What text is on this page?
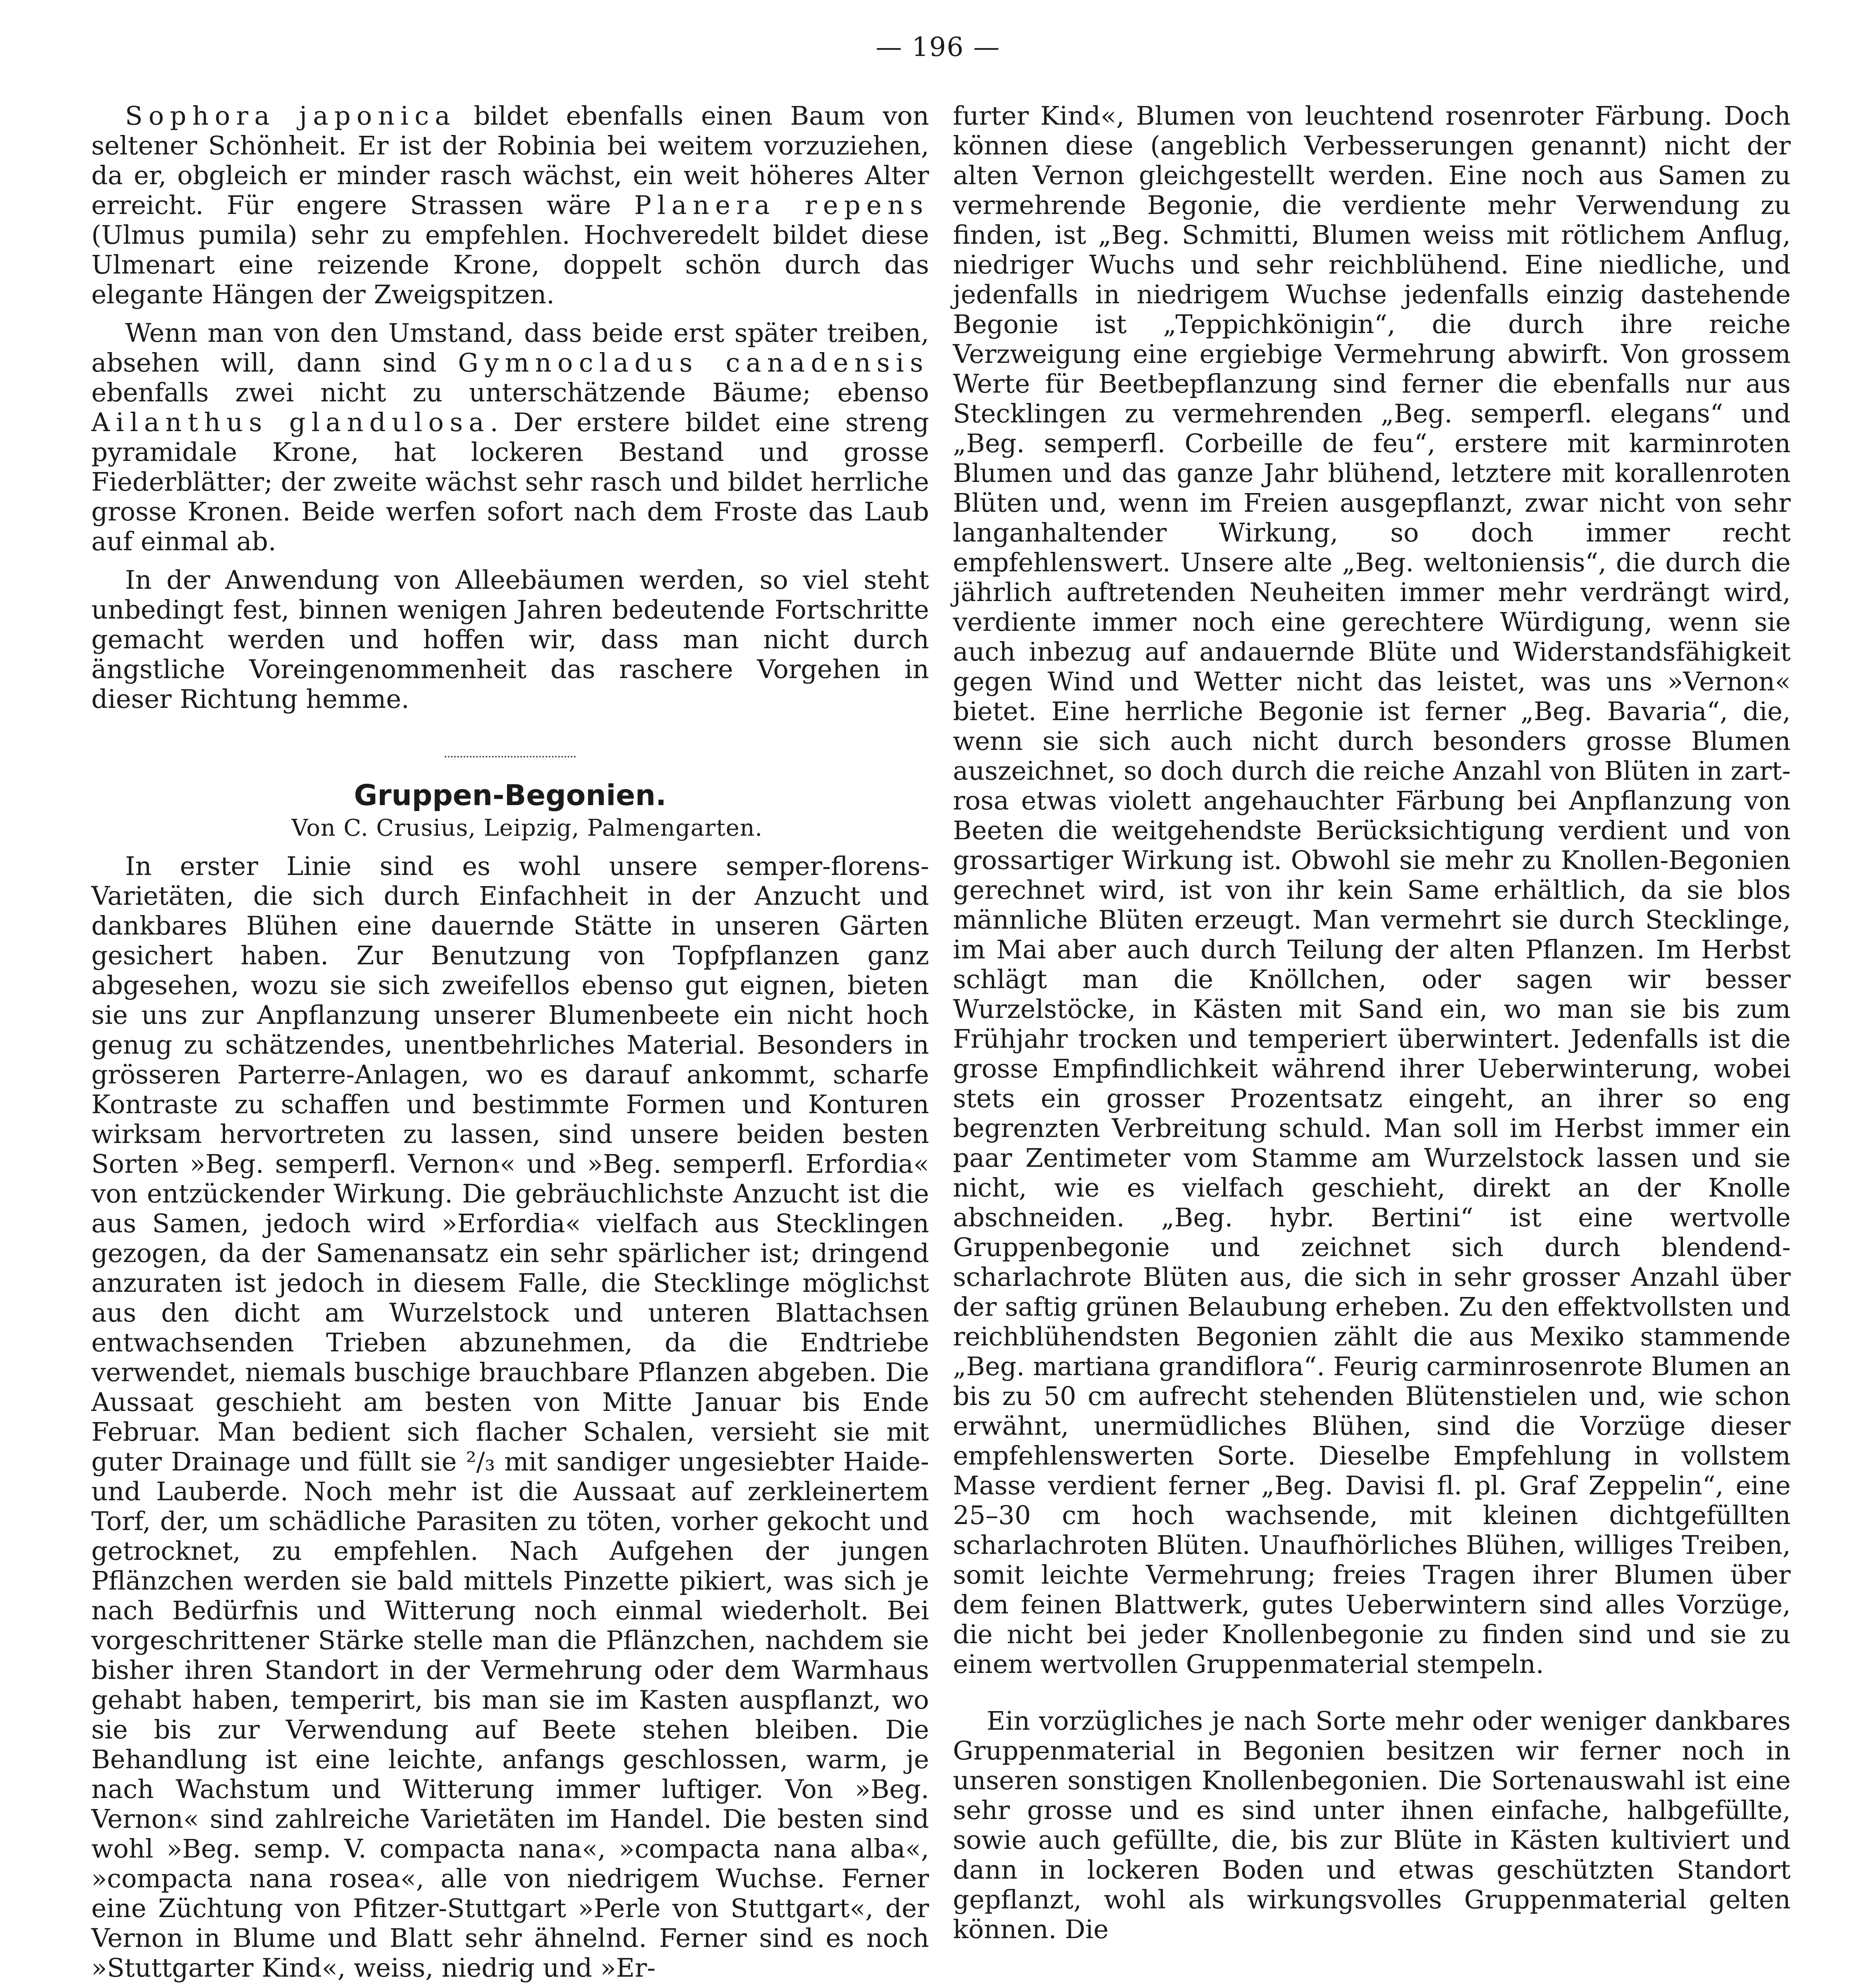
— 196 —

Sophora japonica bildet ebenfalls einen Baum von seltener Schönheit. Er ist der Robinia bei weitem vorzuziehen, da er, obgleich er minder rasch wächst, ein weit höheres Alter erreicht. Für engere Strassen wäre Planera repens (Ulmus pumila) sehr zu empfehlen. Hochveredelt bildet diese Ulmenart eine reizende Krone, doppelt schön durch das elegante Hängen der Zweigspitzen.

Wenn man von den Umstand, dass beide erst später treiben, absehen will, dann sind Gymnocladus canadensis ebenfalls zwei nicht zu unterschätzende Bäume; ebenso Ailanthus glandulosa. Der erstere bildet eine streng pyramidale Krone, hat lockeren Bestand und grosse Fiederblätter; der zweite wächst sehr rasch und bildet herrliche grosse Kronen. Beide werfen sofort nach dem Froste das Laub auf einmal ab.

In der Anwendung von Alleebäumen werden, so viel steht unbedingt fest, binnen wenigen Jahren bedeutende Fortschritte gemacht werden und hoffen wir, dass man nicht durch ängstliche Voreingenommenheit das raschere Vorgehen in dieser Richtung hemme.

Gruppen-Begonien.

Von C. Crusius, Leipzig, Palmengarten.

In erster Linie sind es wohl unsere semper-florens-Varietäten, die sich durch Einfachheit in der Anzucht und dankbares Blühen eine dauernde Stätte in unseren Gärten gesichert haben. Zur Benutzung von Topfpflanzen ganz abgesehen, wozu sie sich zweifellos ebenso gut eignen, bieten sie uns zur Anpflanzung unserer Blumenbeete ein nicht hoch genug zu schätzendes, unentbehrliches Material. Besonders in grösseren Parterre-Anlagen, wo es darauf ankommt, scharfe Kontraste zu schaffen und bestimmte Formen und Konturen wirksam hervortreten zu lassen, sind unsere beiden besten Sorten »Beg. semperfl. Vernon« und »Beg. semperfl. Erfordia« von entzückender Wirkung. Die gebräuchlichste Anzucht ist die aus Samen, jedoch wird »Erfordia« vielfach aus Stecklingen gezogen, da der Samenansatz ein sehr spärlicher ist; dringend anzuraten ist jedoch in diesem Falle, die Stecklinge möglichst aus den dicht am Wurzelstock und unteren Blattachsen entwachsenden Trieben abzunehmen, da die Endtriebe verwendet, niemals buschige brauchbare Pflanzen abgeben. Die Aussaat geschieht am besten von Mitte Januar bis Ende Februar. Man bedient sich flacher Schalen, versieht sie mit guter Drainage und füllt sie ²/₃ mit sandiger ungesiebter Haide- und Lauberde. Noch mehr ist die Aussaat auf zerkleinertem Torf, der, um schädliche Parasiten zu töten, vorher gekocht und getrocknet, zu empfehlen. Nach Aufgehen der jungen Pflänzchen werden sie bald mittels Pinzette pikiert, was sich je nach Bedürfnis und Witterung noch einmal wiederholt. Bei vorgeschrittener Stärke stelle man die Pflänzchen, nachdem sie bisher ihren Standort in der Vermehrung oder dem Warmhaus gehabt haben, temperirt, bis man sie im Kasten auspflanzt, wo sie bis zur Verwendung auf Beete stehen bleiben. Die Behandlung ist eine leichte, anfangs geschlossen, warm, je nach Wachstum und Witterung immer luftiger. Von »Beg. Vernon« sind zahlreiche Varietäten im Handel. Die besten sind wohl »Beg. semp. V. compacta nana«, »compacta nana alba«, »compacta nana rosea«, alle von niedrigem Wuchse. Ferner eine Züchtung von Pfitzer-Stuttgart »Perle von Stuttgart«, der Vernon in Blume und Blatt sehr ähnelnd. Ferner sind es noch »Stuttgarter Kind«, weiss, niedrig und »Er-

furter Kind«, Blumen von leuchtend rosenroter Färbung. Doch können diese (angeblich Verbesserungen genannt) nicht der alten Vernon gleichgestellt werden. Eine noch aus Samen zu vermehrende Begonie, die verdiente mehr Verwendung zu finden, ist „Beg. Schmitti, Blumen weiss mit rötlichem Anflug, niedriger Wuchs und sehr reichblühend. Eine niedliche, und jedenfalls in niedrigem Wuchse jedenfalls einzig dastehende Begonie ist „Teppichkönigin“, die durch ihre reiche Verzweigung eine ergiebige Vermehrung abwirft. Von grossem Werte für Beetbepflanzung sind ferner die ebenfalls nur aus Stecklingen zu vermehrenden „Beg. semperfl. elegans“ und „Beg. semperfl. Corbeille de feu“, erstere mit karminroten Blumen und das ganze Jahr blühend, letztere mit korallenroten Blüten und, wenn im Freien ausgepflanzt, zwar nicht von sehr langanhaltender Wirkung, so doch immer recht empfehlenswert. Unsere alte „Beg. weltoniensis“, die durch die jährlich auftretenden Neuheiten immer mehr verdrängt wird, verdiente immer noch eine gerechtere Würdigung, wenn sie auch inbezug auf andauernde Blüte und Widerstandsfähigkeit gegen Wind und Wetter nicht das leistet, was uns »Vernon« bietet. Eine herrliche Begonie ist ferner „Beg. Bavaria“, die, wenn sie sich auch nicht durch besonders grosse Blumen auszeichnet, so doch durch die reiche Anzahl von Blüten in zart-rosa etwas violett angehauchter Färbung bei Anpflanzung von Beeten die weitgehendste Berücksichtigung verdient und von grossartiger Wirkung ist. Obwohl sie mehr zu Knollen-Begonien gerechnet wird, ist von ihr kein Same erhältlich, da sie blos männliche Blüten erzeugt. Man vermehrt sie durch Stecklinge, im Mai aber auch durch Teilung der alten Pflanzen. Im Herbst schlägt man die Knöllchen, oder sagen wir besser Wurzelstöcke, in Kästen mit Sand ein, wo man sie bis zum Frühjahr trocken und temperiert überwintert. Jedenfalls ist die grosse Empfindlichkeit während ihrer Ueberwinterung, wobei stets ein grosser Prozentsatz eingeht, an ihrer so eng begrenzten Verbreitung schuld. Man soll im Herbst immer ein paar Zentimeter vom Stamme am Wurzelstock lassen und sie nicht, wie es vielfach geschieht, direkt an der Knolle abschneiden. „Beg. hybr. Bertini“ ist eine wertvolle Gruppenbegonie und zeichnet sich durch blendend-scharlachrote Blüten aus, die sich in sehr grosser Anzahl über der saftig grünen Belaubung erheben. Zu den effektvollsten und reichblühendsten Begonien zählt die aus Mexiko stammende „Beg. martiana grandiflora“. Feurig carminrosenrote Blumen an bis zu 50 cm aufrecht stehenden Blütenstielen und, wie schon erwähnt, unermüdliches Blühen, sind die Vorzüge dieser empfehlenswerten Sorte. Dieselbe Empfehlung in vollstem Masse verdient ferner „Beg. Davisi fl. pl. Graf Zeppelin“, eine 25–30 cm hoch wachsende, mit kleinen dichtgefüllten scharlachroten Blüten. Unaufhörliches Blühen, williges Treiben, somit leichte Vermehrung; freies Tragen ihrer Blumen über dem feinen Blattwerk, gutes Ueberwintern sind alles Vorzüge, die nicht bei jeder Knollenbegonie zu finden sind und sie zu einem wertvollen Gruppenmaterial stempeln.

Ein vorzügliches je nach Sorte mehr oder weniger dankbares Gruppenmaterial in Begonien besitzen wir ferner noch in unseren sonstigen Knollenbegonien. Die Sortenauswahl ist eine sehr grosse und es sind unter ihnen einfache, halbgefüllte, sowie auch gefüllte, die, bis zur Blüte in Kästen kultiviert und dann in lockeren Boden und etwas geschützten Standort gepflanzt, wohl als wirkungsvolles Gruppenmaterial gelten können. Die
